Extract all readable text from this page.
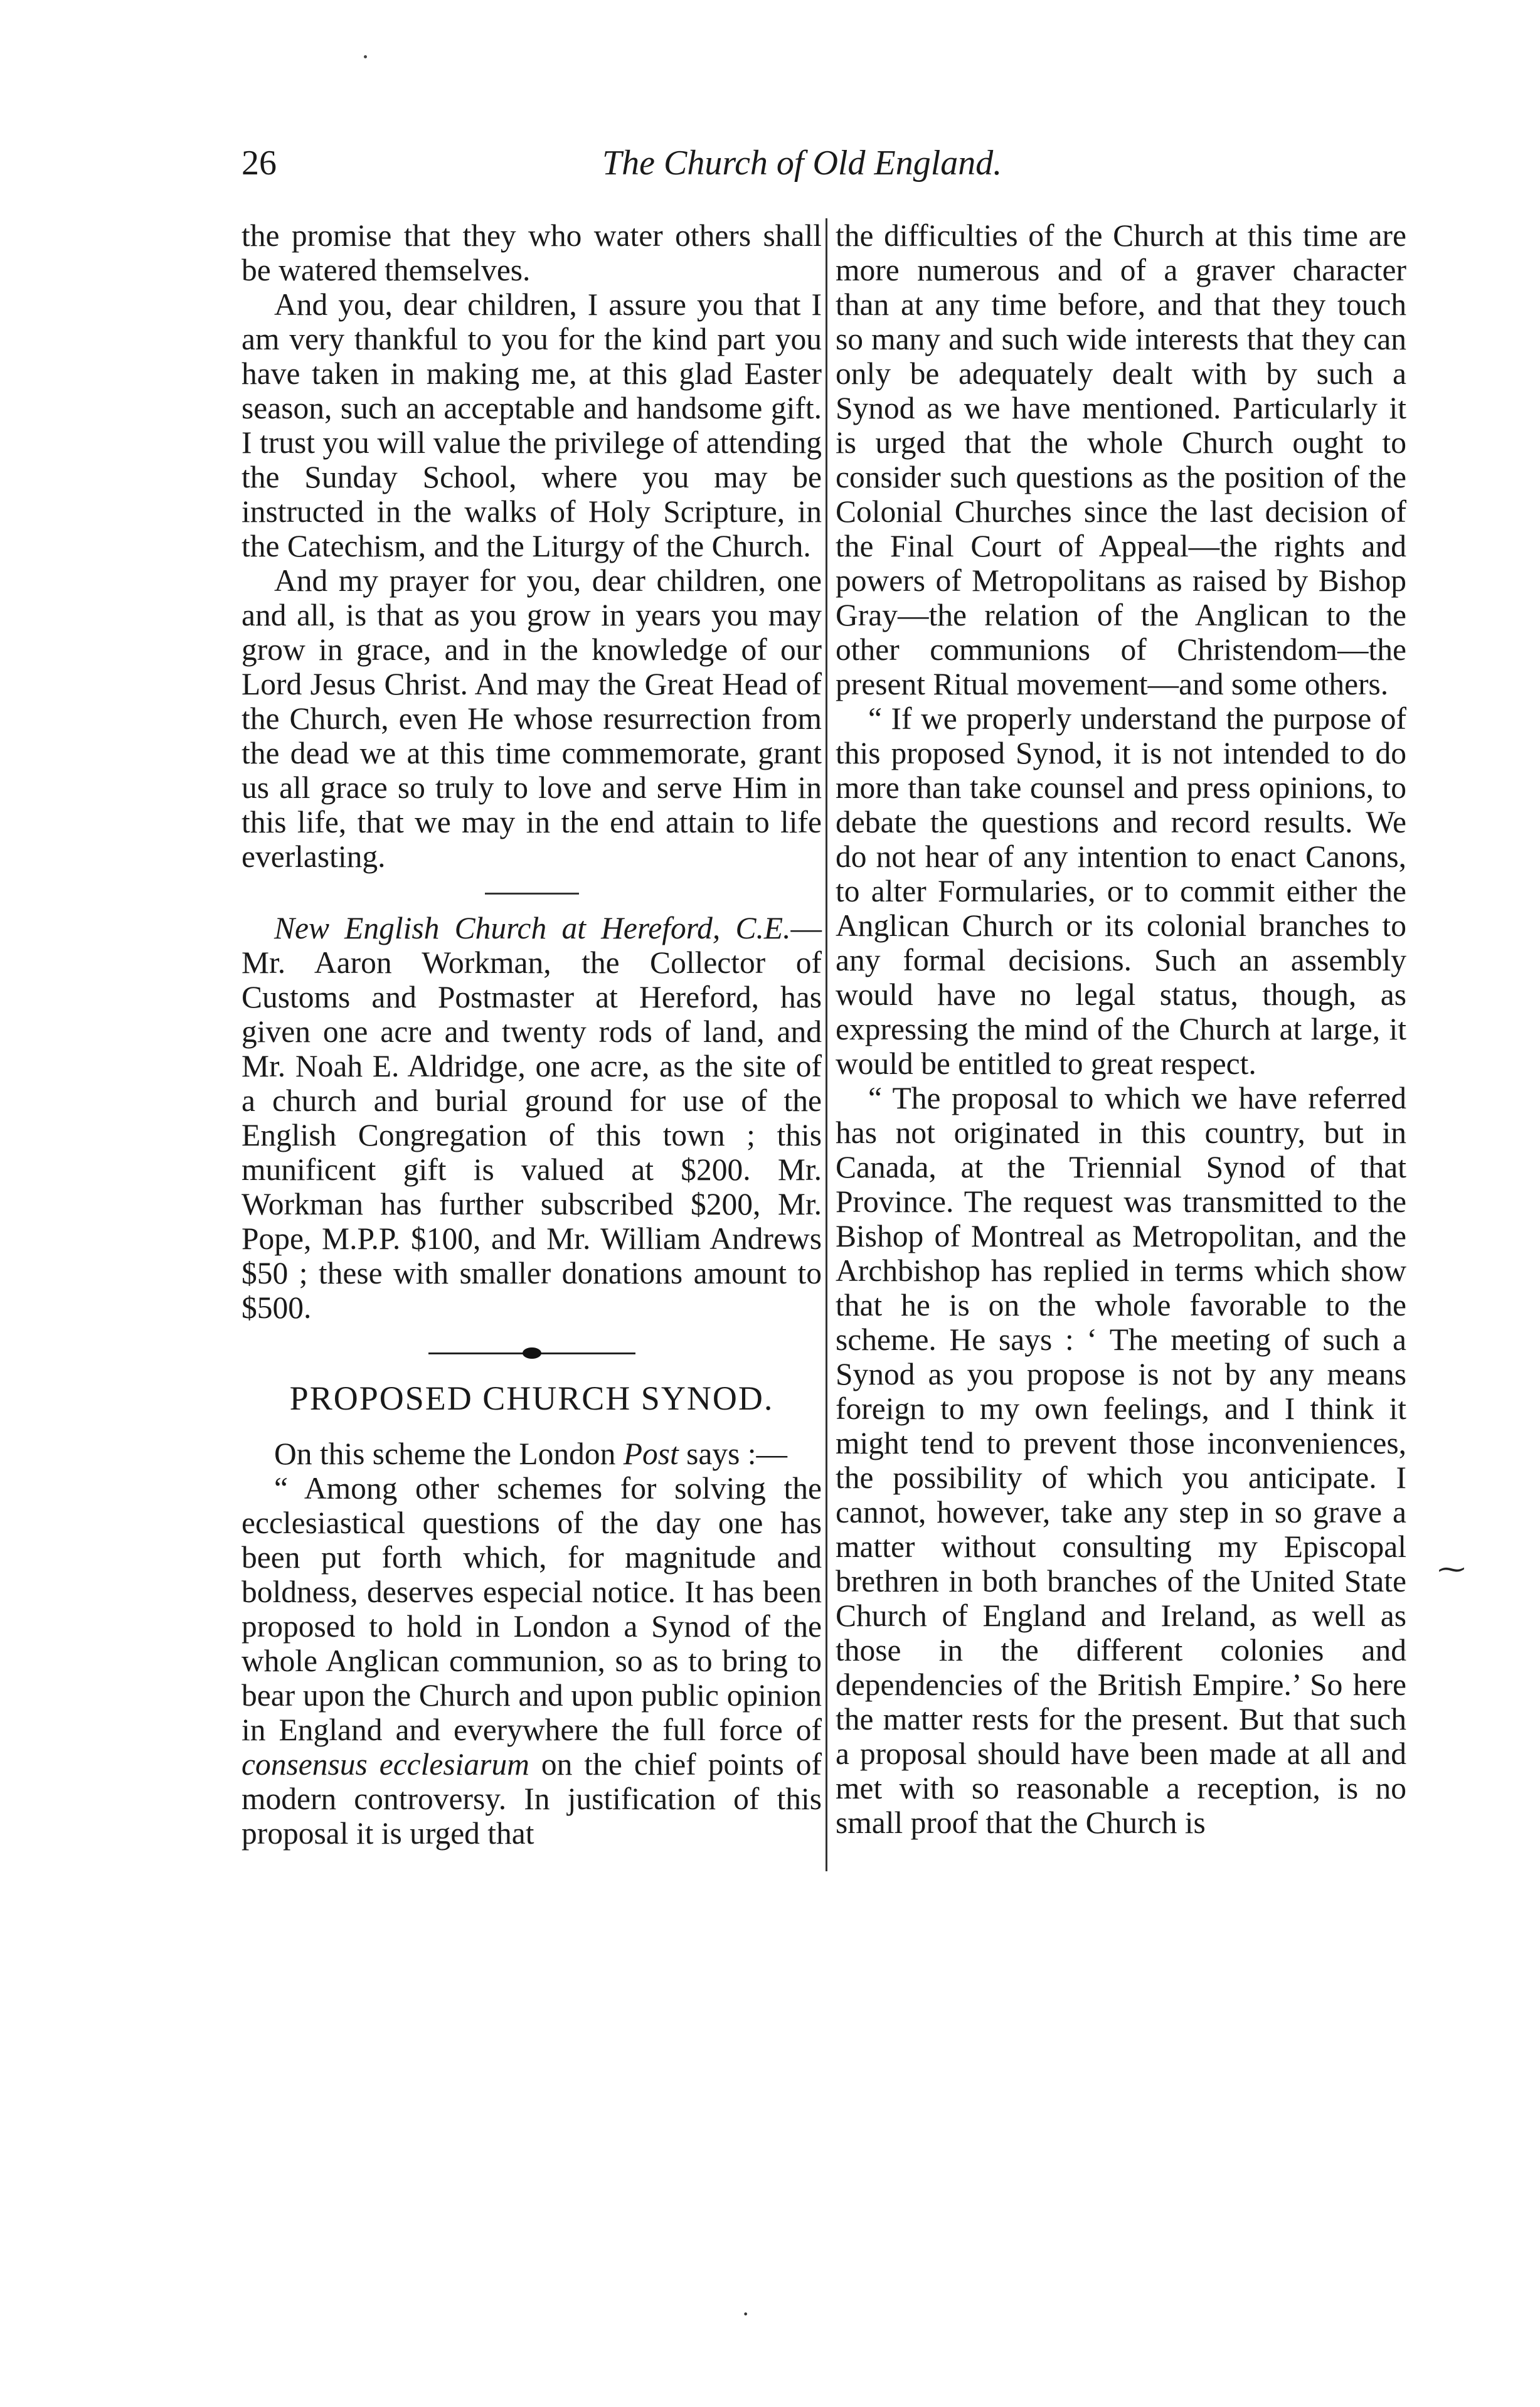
26	The Church of Old England.

the promise that they who water others shall be watered themselves.

And you, dear children, I assure you that I am very thankful to you for the kind part you have taken in making me, at this glad Easter season, such an acceptable and handsome gift. I trust you will value the privilege of attending the Sunday School, where you may be instructed in the walks of Holy Scripture, in the Catechism, and the Liturgy of the Church.

And my prayer for you, dear children, one and all, is that as you grow in years you may grow in grace, and in the knowledge of our Lord Jesus Christ. And may the Great Head of the Church, even He whose resurrection from the dead we at this time commemorate, grant us all grace so truly to love and serve Him in this life, that we may in the end attain to life everlasting.

New English Church at Hereford, C.E.—Mr. Aaron Workman, the Collector of Customs and Postmaster at Hereford, has given one acre and twenty rods of land, and Mr. Noah E. Aldridge, one acre, as the site of a church and burial ground for use of the English Congregation of this town ; this munificent gift is valued at $200. Mr. Workman has further subscribed $200, Mr. Pope, M.P.P. $100, and Mr. William Andrews $50 ; these with smaller donations amount to $500.

PROPOSED CHURCH SYNOD.

On this scheme the London Post says :—

“ Among other schemes for solving the ecclesiastical questions of the day one has been put forth which, for magnitude and boldness, deserves especial notice. It has been proposed to hold in London a Synod of the whole Anglican communion, so as to bring to bear upon the Church and upon public opinion in England and everywhere the full force of consensus ecclesiarum on the chief points of modern controversy. In justification of this proposal it is urged that

the difficulties of the Church at this time are more numerous and of a graver character than at any time before, and that they touch so many and such wide interests that they can only be adequately dealt with by such a Synod as we have mentioned. Particularly it is urged that the whole Church ought to consider such questions as the position of the Colonial Churches since the last decision of the Final Court of Appeal—the rights and powers of Metropolitans as raised by Bishop Gray—the relation of the Anglican to the other communions of Christendom—the present Ritual movement—and some others.

“ If we properly understand the purpose of this proposed Synod, it is not intended to do more than take counsel and press opinions, to debate the questions and record results. We do not hear of any intention to enact Canons, to alter Formularies, or to commit either the Anglican Church or its colonial branches to any formal decisions. Such an assembly would have no legal status, though, as expressing the mind of the Church at large, it would be entitled to great respect.

“ The proposal to which we have referred has not originated in this country, but in Canada, at the Triennial Synod of that Province. The request was transmitted to the Bishop of Montreal as Metropolitan, and the Archbishop has replied in terms which show that he is on the whole favorable to the scheme. He says : ‘ The meeting of such a Synod as you propose is not by any means foreign to my own feelings, and I think it might tend to prevent those inconveniences, the possibility of which you anticipate. I cannot, however, take any step in so grave a matter without consulting my Episcopal brethren in both branches of the United State Church of England and Ireland, as well as those in the different colonies and dependencies of the British Empire.’ So here the matter rests for the present. But that such a proposal should have been made at all and met with so reasonable a reception, is no small proof that the Church is

⁓
·
